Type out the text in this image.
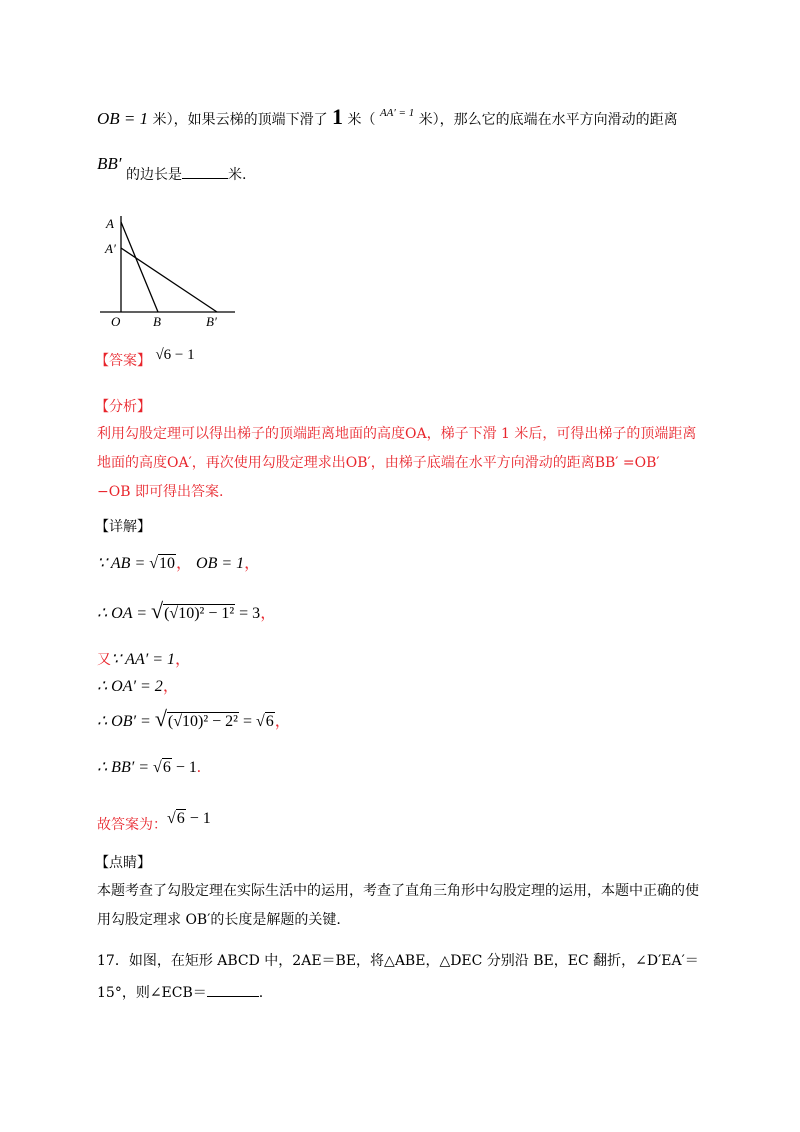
OB = 1 米），如果云梯的顶端下滑了 1 米（ $^{AA' = 1}$ 米），那么它的底端在水平方向滑动的距离
BB′ 的边长是	米.
A
A′
O	B	B′
【答案】 √6 − 1
【分析】
利用勾股定理可以得出梯子的顶端距离地面的高度OA，梯子下滑 1 米后，可得出梯子的顶端距离
地面的高度OA′，再次使用勾股定理求出OB′，由梯子底端在水平方向滑动的距离BB′ =OB′
−OB 即可得出答案.
【详解】
∵ AB = √10， OB = 1，
∴ OA = √(√10)² − 1² = 3，
又∵ AA′ = 1，
∴ OA′ = 2，
∴ OB′ = √(√10)² − 2² = √6，
∴ BB′ = √6 − 1.
故答案为：√6 − 1
【点睛】
本题考查了勾股定理在实际生活中的运用，考查了直角三角形中勾股定理的运用，本题中正确的使
用勾股定理求 OB′的长度是解题的关键.
17．如图，在矩形 ABCD 中，2AE＝BE，将△ABE，△DEC 分别沿 BE，EC 翻折，∠D′EA′＝
15°，则∠ECB＝	.
